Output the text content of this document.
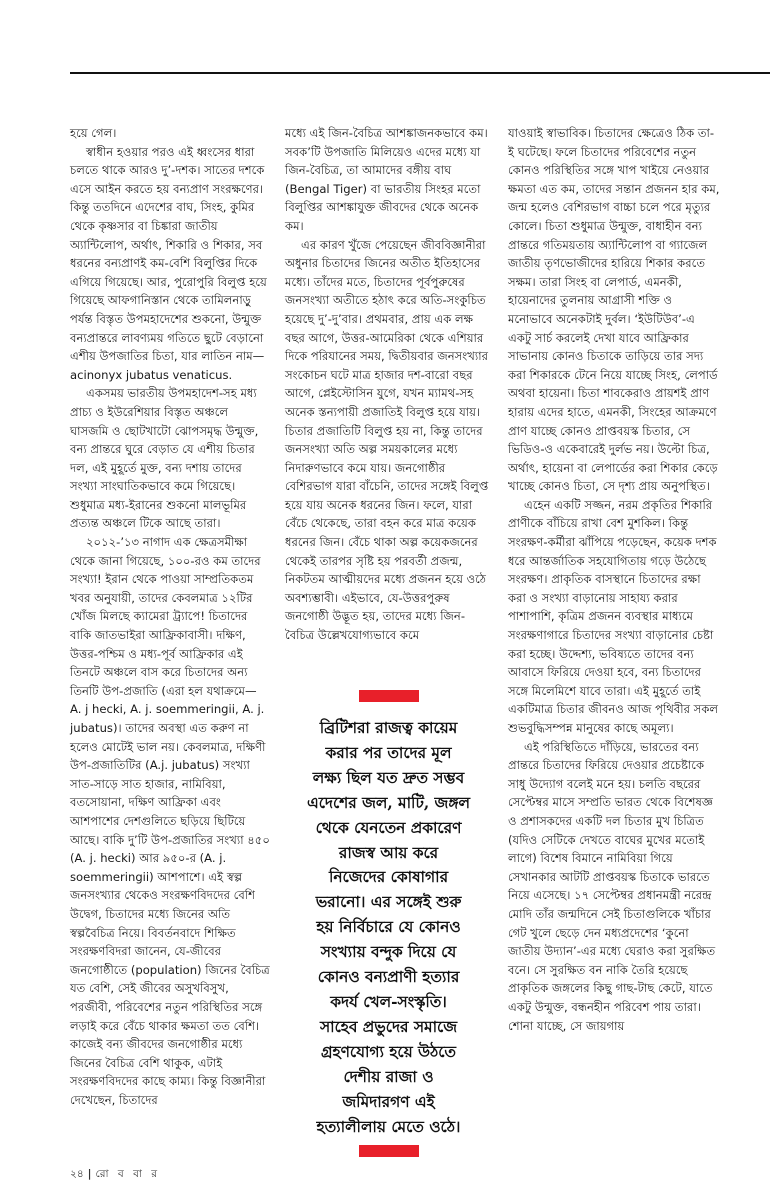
হয়ে গেল।

স্বাধীন হওয়ার পরও এই ধ্বংসের ধারা চলতে থাকে আরও দু’-দশক। সাতের দশকে এসে আইন করতে হয় বন্যপ্রাণ সংরক্ষণের। কিন্তু ততদিনে এদেশের বাঘ, সিংহ, কুমির থেকে কৃষ্ণসার বা চিঙ্কারা জাতীয় অ্যান্টিলোপ, অর্থাৎ, শিকারি ও শিকার, সব ধরনের বন্যপ্রাণই কম-বেশি বিলুপ্তির দিকে এগিয়ে গিয়েছে। আর, পুরোপুরি বিলুপ্ত হয়ে গিয়েছে আফগানিস্তান থেকে তামিলনাড়ু পর্যন্ত বিস্তৃত উপমহাদেশের শুকনো, উন্মুক্ত বন্যপ্রান্তরে লাবণ্যময় গতিতে ছুটে বেড়ানো এশীয় উপজাতির চিতা, যার লাতিন নাম— acinonyx jubatus venaticus.

একসময় ভারতীয় উপমহাদেশ-সহ মধ্য প্রাচ্য ও ইউরেশিয়ার বিস্তৃত অঞ্চলে ঘাসজমি ও ছোটখাটো ঝোপসমৃদ্ধ উন্মুক্ত, বন্য প্রান্তরে ঘুরে বেড়াত যে এশীয় চিতার দল, এই মুহূর্তে মুক্ত, বন্য দশায় তাদের সংখ্যা সাংঘাতিকভাবে কমে গিয়েছে। শুধুমাত্র মধ্য-ইরানের শুকনো মালভূমির প্রত্যন্ত অঞ্চলে টিকে আছে তারা।

২০১২-’১৩ নাগাদ এক ক্ষেত্রসমীক্ষা থেকে জানা গিয়েছে, ১০০-রও কম তাদের সংখ্যা! ইরান থেকে পাওয়া সাম্প্রতিকতম খবর অনুযায়ী, তাদের কেবলমাত্র ১২টির খোঁজ মিলছে ক্যামেরা ট্র্যাপে! চিতাদের বাকি জাতভাইরা আফ্রিকাবাসী। দক্ষিণ, উত্তর-পশ্চিম ও মধ্য-পূর্ব আফ্রিকার এই তিনটে অঞ্চলে বাস করে চিতাদের অন্য তিনটি উপ-প্রজাতি (এরা হল যথাক্রমে— A. j hecki, A. j. soemmeringii, A. j. jubatus)। তাদের অবস্থা এত করুণ না হলেও মোটেই ভাল নয়। কেবলমাত্র, দক্ষিণী উপ-প্রজাতিটির (A.j. jubatus) সংখ্যা সাত-সাড়ে সাত হাজার, নামিবিয়া, বতসোয়ানা, দক্ষিণ আফ্রিকা এবং আশপাশের দেশগুলিতে ছড়িয়ে ছিটিয়ে আছে। বাকি দু’টি উপ-প্রজাতির সংখ্যা ৪৫০ (A. j. hecki) আর ৯৫০-র (A. j. soemmeringii) আশপাশে। এই স্বল্প জনসংখ্যার থেকেও সংরক্ষণবিদদের বেশি উদ্বেগ, চিতাদের মধ্যে জিনের অতি স্বল্পবৈচিত্র নিয়ে। বিবর্তনবাদে শিক্ষিত সংরক্ষণবিদরা জানেন, যে-জীবের জনগোষ্ঠীতে (population) জিনের বৈচিত্র যত বেশি, সেই জীবের অসুখবিসুখ, পরজীবী, পরিবেশের নতুন পরিস্থিতির সঙ্গে লড়াই করে বেঁচে থাকার ক্ষমতা তত বেশি। কাজেই বন্য জীবদের জনগোষ্ঠীর মধ্যে জিনের বৈচিত্র বেশি থাকুক, এটাই সংরক্ষণবিদদের কাছে কাম্য। কিন্তু বিজ্ঞানীরা দেখেছেন, চিতাদের

মধ্যে এই জিন-বৈচিত্র আশঙ্কাজনকভাবে কম। সবক’টি উপজাতি মিলিয়েও এদের মধ্যে যা জিন-বৈচিত্র, তা আমাদের বঙ্গীয় বাঘ (Bengal Tiger) বা ভারতীয় সিংহর মতো বিলুপ্তির আশঙ্কাযুক্ত জীবদের থেকে অনেক কম।

এর কারণ খুঁজে পেয়েছেন জীববিজ্ঞানীরা অধুনার চিতাদের জিনের অতীত ইতিহাসের মধ্যে। তাঁদের মতে, চিতাদের পূর্বপুরুষের জনসংখ্যা অতীতে হঠাৎ করে অতি-সংকুচিত হয়েছে দু’-দু’বার। প্রথমবার, প্রায় এক লক্ষ বছর আগে, উত্তর-আমেরিকা থেকে এশিয়ার দিকে পরিযানের সময়, দ্বিতীয়বার জনসংখ্যার সংকোচন ঘটে মাত্র হাজার দশ-বারো বছর আগে, প্লেইস্টোসিন যুগে, যখন ম্যামথ-সহ অনেক স্তন্যপায়ী প্রজাতিই বিলুপ্ত হয়ে যায়। চিতার প্রজাতিটি বিলুপ্ত হয় না, কিন্তু তাদের জনসংখ্যা অতি অল্প সময়কালের মধ্যে নিদারুণভাবে কমে যায়। জনগোষ্ঠীর বেশিরভাগ যারা বাঁচেনি, তাদের সঙ্গেই বিলুপ্ত হয়ে যায় অনেক ধরনের জিন। ফলে, যারা বেঁচে থেকেছে, তারা বহন করে মাত্র কয়েক ধরনের জিন। বেঁচে থাকা অল্প কয়েকজনের থেকেই তারপর সৃষ্টি হয় পরবর্তী প্রজন্ম, নিকটতম আত্মীয়দের মধ্যে প্রজনন হয়ে ওঠে অবশ্যম্ভাবী। এইভাবে, যে-উত্তরপুরুষ জনগোষ্ঠী উদ্ভূত হয়, তাদের মধ্যে জিন-বৈচিত্র উল্লেখযোগ্যভাবে কমে

ব্রিটিশরা রাজত্ব কায়েম
করার পর তাদের মূল
লক্ষ্য ছিল যত দ্রুত সম্ভব
এদেশের জল, মাটি, জঙ্গল
থেকে যেনতেন প্রকারেণ
রাজস্ব আয় করে
নিজেদের কোষাগার
ভরানো। এর সঙ্গেই শুরু
হয় নির্বিচারে যে কোনও
সংখ্যায় বন্দুক দিয়ে যে
কোনও বন্যপ্রাণী হত্যার
কদর্য খেল-সংস্কৃতি।
সাহেব প্রভুদের সমাজে
গ্রহণযোগ্য হয়ে উঠতে
দেশীয় রাজা ও
জমিদারগণ এই
হত্যালীলায় মেতে ওঠে।

যাওয়াই স্বাভাবিক। চিতাদের ক্ষেত্রেও ঠিক তা-ই ঘটেছে। ফলে চিতাদের পরিবেশের নতুন কোনও পরিস্থিতির সঙ্গে খাপ খাইয়ে নেওয়ার ক্ষমতা এত কম, তাদের সন্তান প্রজনন হার কম, জন্ম হলেও বেশিরভাগ বাচ্চা চলে পরে মৃত্যুর কোলে। চিতা শুধুমাত্র উন্মুক্ত, বাধাহীন বন্য প্রান্তরে গতিময়তায় অ্যান্টিলোপ বা গ্যাজেল জাতীয় তৃণভোজীদের হারিয়ে শিকার করতে সক্ষম। তারা সিংহ বা লেপার্ড, এমনকী, হায়েনাদের তুলনায় আগ্রাসী শক্তি ও মনোভাবে অনেকটাই দুর্বল। ‘ইউটিউব’-এ একটু সার্চ করলেই দেখা যাবে আফ্রিকার সাভানায় কোনও চিতাকে তাড়িয়ে তার সদ্য করা শিকারকে টেনে নিয়ে যাচ্ছে সিংহ, লেপার্ড অথবা হায়েনা। চিতা শাবকেরাও প্রায়শই প্রাণ হারায় এদের হাতে, এমনকী, সিংহের আক্রমণে প্রাণ যাচ্ছে কোনও প্রাপ্তবয়স্ক চিতার, সে ভিডিও-ও একেবারেই দুর্লভ নয়। উল্টো চিত্র, অর্থাৎ, হায়েনা বা লেপার্ডের করা শিকার কেড়ে খাচ্ছে কোনও চিতা, সে দৃশ্য প্রায় অনুপস্থিত।

এহেন একটি সজ্জন, নরম প্রকৃতির শিকারি প্রাণীকে বাঁচিয়ে রাখা বেশ মুশকিল। কিন্তু সংরক্ষণ-কর্মীরা ঝাঁপিয়ে পড়েছেন, কয়েক দশক ধরে আন্তর্জাতিক সহযোগিতায় গড়ে উঠেছে সংরক্ষণ। প্রাকৃতিক বাসস্থানে চিতাদের রক্ষা করা ও সংখ্যা বাড়ানোয় সাহায্য করার পাশাপাশি, কৃত্রিম প্রজনন ব্যবস্থার মাধ্যমে সংরক্ষণাগারে চিতাদের সংখ্যা বাড়ানোর চেষ্টা করা হচ্ছে। উদ্দেশ্য, ভবিষ্যতে তাদের বন্য আবাসে ফিরিয়ে দেওয়া হবে, বন্য চিতাদের সঙ্গে মিলেমিশে যাবে তারা। এই মুহূর্তে তাই একটিমাত্র চিতার জীবনও আজ পৃথিবীর সকল শুভবুদ্ধিসম্পন্ন মানুষের কাছে অমূল্য।

এই পরিস্থিতিতে দাঁড়িয়ে, ভারতের বন্য প্রান্তরে চিতাদের ফিরিয়ে দেওয়ার প্রচেষ্টাকে সাধু উদ্যোগ বলেই মনে হয়। চলতি বছরের সেপ্টেম্বর মাসে সম্প্রতি ভারত থেকে বিশেষজ্ঞ ও প্রশাসকদের একটি দল চিতার মুখ চিত্রিত (যদিও সেটিকে দেখতে বাঘের মুখের মতোই লাগে) বিশেষ বিমানে নামিবিয়া গিয়ে সেখানকার আটটি প্রাপ্তবয়স্ক চিতাকে ভারতে নিয়ে এসেছে। ১৭ সেপ্টেম্বর প্রধানমন্ত্রী নরেন্দ্র মোদি তাঁর জন্মদিনে সেই চিতাগুলিকে খাঁচার গেট খুলে ছেড়ে দেন মধ্যপ্রদেশের ‘কুনো জাতীয় উদ্যান’-এর মধ্যে ঘেরাও করা সুরক্ষিত বনে। সে সুরক্ষিত বন নাকি তৈরি হয়েছে প্রাকৃতিক জঙ্গলের কিছু গাছ-টাছ কেটে, যাতে একটু উন্মুক্ত, বন্ধনহীন পরিবেশ পায় তারা। শোনা যাচ্ছে, সে জায়গায়

২৪ | রো ব বা র
